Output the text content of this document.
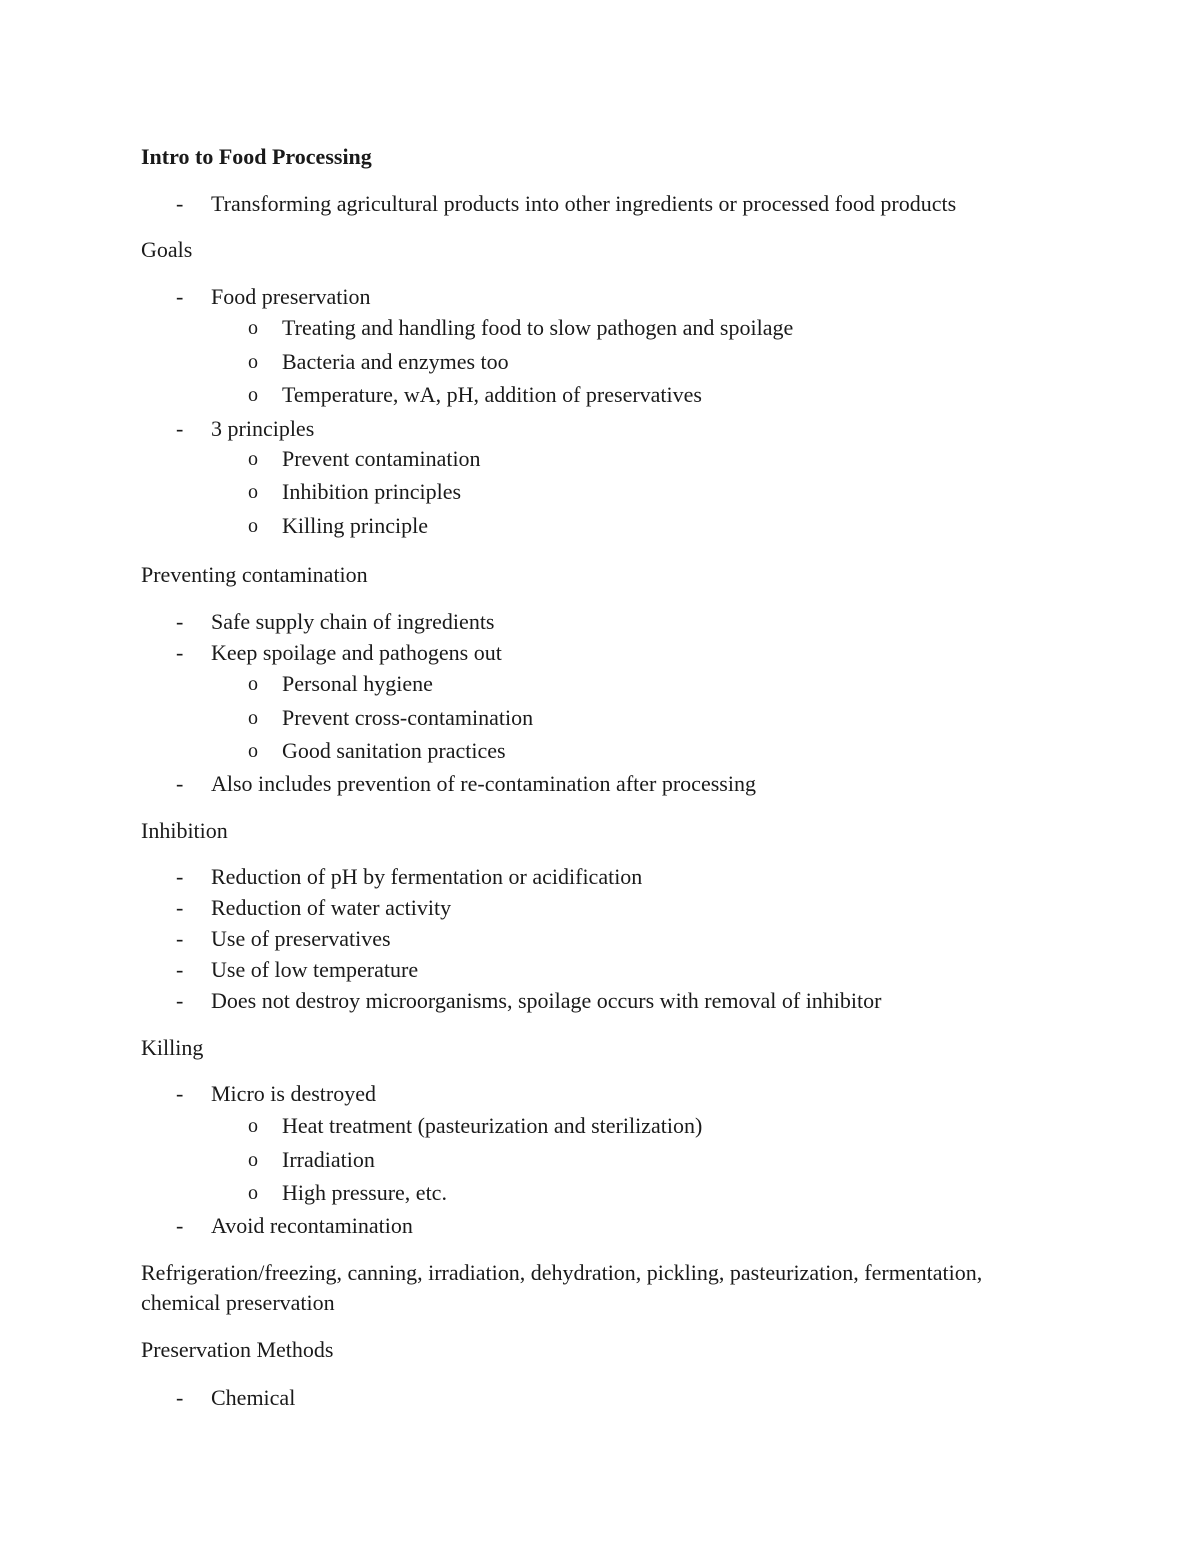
Intro to Food Processing
- Transforming agricultural products into other ingredients or processed food products
Goals
- Food preservation
o Treating and handling food to slow pathogen and spoilage
o Bacteria and enzymes too
o Temperature, wA, pH, addition of preservatives
- 3 principles
o Prevent contamination
o Inhibition principles
o Killing principle
Preventing contamination
- Safe supply chain of ingredients
- Keep spoilage and pathogens out
o Personal hygiene
o Prevent cross-contamination
o Good sanitation practices
- Also includes prevention of re-contamination after processing
Inhibition
- Reduction of pH by fermentation or acidification
- Reduction of water activity
- Use of preservatives
- Use of low temperature
- Does not destroy microorganisms, spoilage occurs with removal of inhibitor
Killing
- Micro is destroyed
o Heat treatment (pasteurization and sterilization)
o Irradiation
o High pressure, etc.
- Avoid recontamination
Refrigeration/freezing, canning, irradiation, dehydration, pickling, pasteurization, fermentation,
chemical preservation
Preservation Methods
- Chemical
